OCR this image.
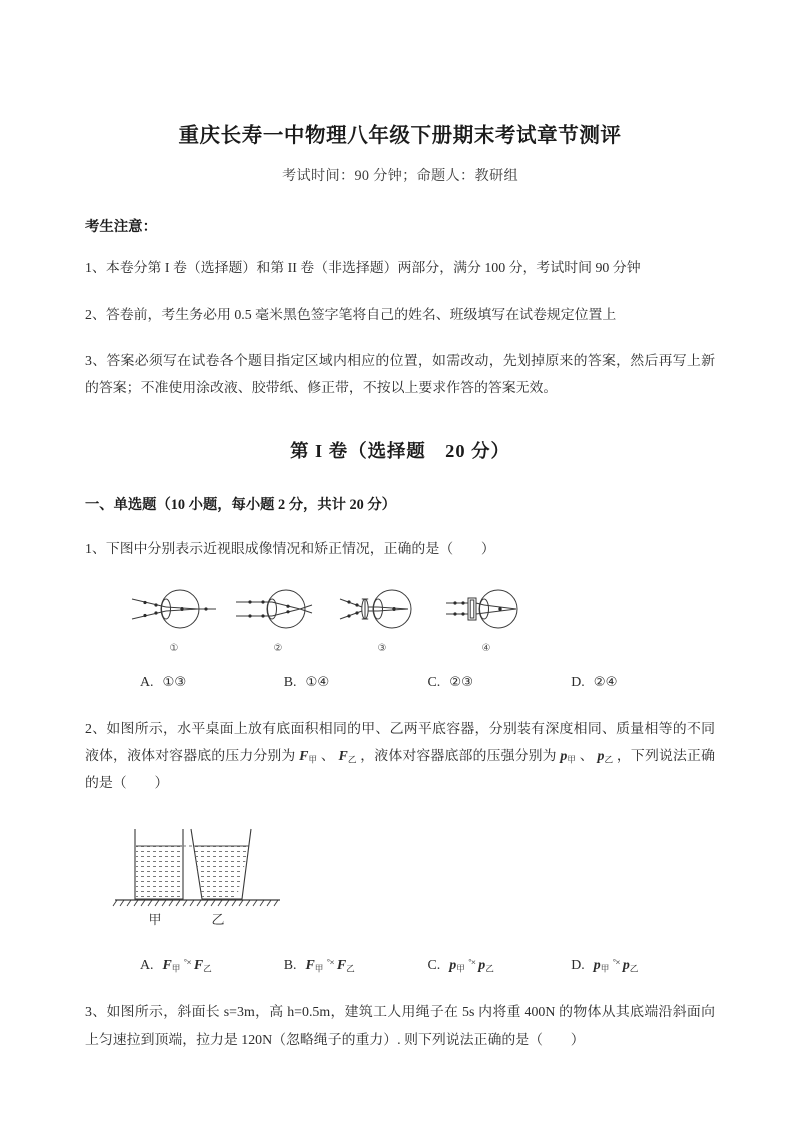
重庆长寿一中物理八年级下册期末考试章节测评

考试时间：90 分钟；命题人：教研组

考生注意：

1、本卷分第 I 卷（选择题）和第 II 卷（非选择题）两部分，满分 100 分，考试时间 90 分钟

2、答卷前，考生务必用 0.5 毫米黑色签字笔将自己的姓名、班级填写在试卷规定位置上

3、答案必须写在试卷各个题目指定区域内相应的位置，如需改动，先划掉原来的答案，然后再写上新的答案；不准使用涂改液、胶带纸、修正带，不按以上要求作答的答案无效。

第 I 卷（选择题　20 分）

一、单选题（10 小题，每小题 2 分，共计 20 分）

1、下图中分别表示近视眼成像情况和矫正情况，正确的是（　　）

①	②	③	④
A. ①③	B. ①④	C. ②③	D. ②④

2、如图所示，水平桌面上放有底面积相同的甲、乙两平底容器，分别装有深度相同、质量相等的不同液体，液体对容器底的压力分别为 $F_甲$ 、 $F_乙$ ，液体对容器底部的压强分别为 $p_甲$ 、 $p_乙$ ，下列说法正确的是（　　）

甲	乙
A. $F_甲^\circ\times F_乙$	B. $F_甲^\circ\times F_乙$	C. $p_甲^\circ\times p_乙$	D. $p_甲^\circ\times p_乙$

3、如图所示，斜面长 s=3m，高 h=0.5m，建筑工人用绳子在 5s 内将重 400N 的物体从其底端沿斜面向上匀速拉到顶端，拉力是 120N（忽略绳子的重力）. 则下列说法正确的是（　　）
